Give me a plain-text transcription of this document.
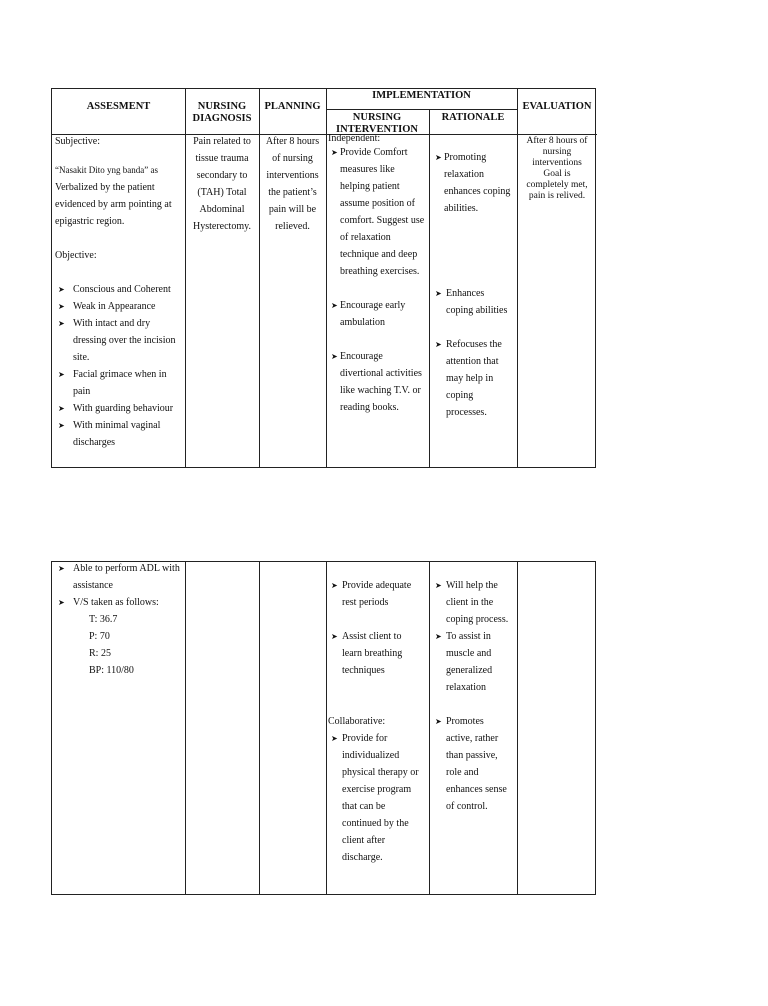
ASSESMENT	NURSING DIAGNOSIS
PLANNING
IMPLEMENTATION
NURSING INTERVENTION
RATIONALE
EVALUATION

Subjective:

“Nasakit Dito yng banda” as

Verbalized by the patient

evidenced by arm pointing at

epigastric region.

Objective:

➤ Conscious and Coherent

➤ Weak in Appearance

➤ With intact and dry
dressing over the incision
site.

➤ Facial grimace when in
pain

➤ With guarding behaviour

➤ With minimal vaginal
discharges

Pain related to

tissue trauma

secondary to

(TAH) Total

Abdominal

Hysterectomy.

After 8 hours

of nursing

interventions

the patient’s

pain will be

relieved.

Independent:

➤ Provide Comfort
measures like
helping patient
assume position of
comfort. Suggest use
of relaxation
technique and deep
breathing exercises.

➤ Encourage early
ambulation

➤ Encourage
divertional activities
like waching T.V. or
reading books.

➤ Promoting
relaxation
enhances coping
abilities.

➤ Enhances
coping abilities

➤ Refocuses the
attention that
may help in
coping
processes.

After 8 hours of

nursing

interventions

Goal is

completely met,

pain is relived.

➤ Able to perform ADL with
assistance

➤ V/S taken as follows:

T: 36.7

P: 70

R: 25

BP: 110/80

➤ Provide adequate
rest periods

➤ Assist client to
learn breathing
techniques

Collaborative:

➤ Provide for
individualized
physical therapy or
exercise program
that can be
continued by the
client after
discharge.

➤ Will help the
client in the
coping process.

➤ To assist in
muscle and
generalized
relaxation

➤ Promotes
active, rather
than passive,
role and
enhances sense
of control.
